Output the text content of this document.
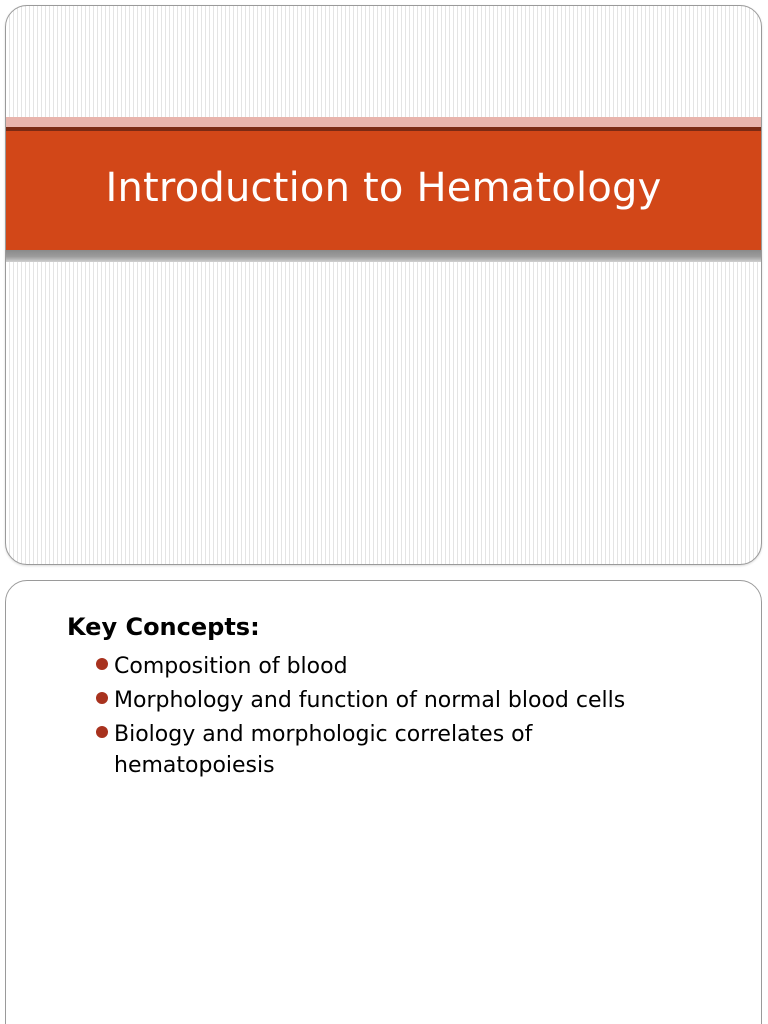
Introduction to Hematology
Key Concepts:
Composition of blood
Morphology and function of normal blood cells
Biology and morphologic correlates of hematopoiesis
